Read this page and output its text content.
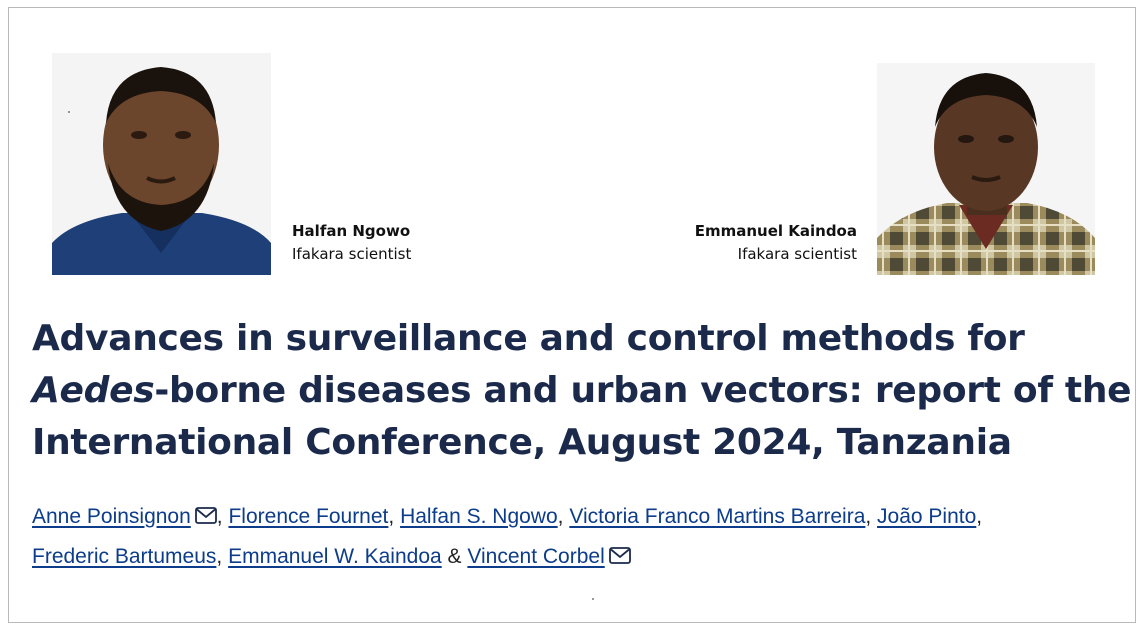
Halfan Ngowo
Ifakara scientist
Emmanuel Kaindoa
Ifakara scientist
Advances in surveillance and control methods for
Aedes-borne diseases and urban vectors: report of the
International Conference, August 2024, Tanzania
Anne Poinsignon , Florence Fournet, Halfan S. Ngowo, Victoria Franco Martins Barreira, João Pinto,
Frederic Bartumeus, Emmanuel W. Kaindoa & Vincent Corbel
